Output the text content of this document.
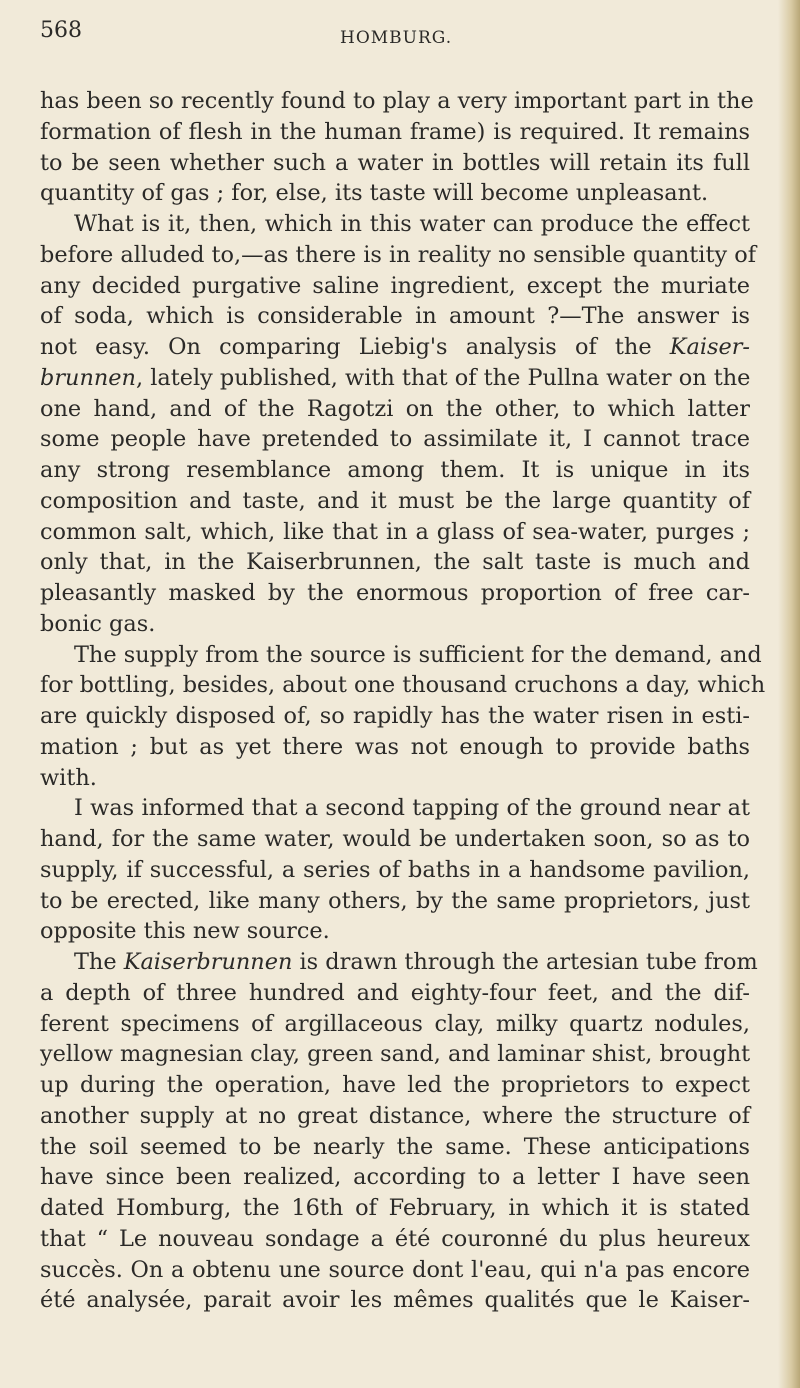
568	HOMBURG.
has been so recently found to play a very important part in the
formation of flesh in the human frame) is required. It remains
to be seen whether such a water in bottles will retain its full
quantity of gas ; for, else, its taste will become unpleasant.
What is it, then, which in this water can produce the effect
before alluded to,—as there is in reality no sensible quantity of
any decided purgative saline ingredient, except the muriate
of soda, which is considerable in amount ?—The answer is
not easy. On comparing Liebig's analysis of the Kaiser-
brunnen, lately published, with that of the Pullna water on the
one hand, and of the Ragotzi on the other, to which latter
some people have pretended to assimilate it, I cannot trace
any strong resemblance among them. It is unique in its
composition and taste, and it must be the large quantity of
common salt, which, like that in a glass of sea-water, purges ;
only that, in the Kaiserbrunnen, the salt taste is much and
pleasantly masked by the enormous proportion of free car-
bonic gas.
The supply from the source is sufficient for the demand, and
for bottling, besides, about one thousand cruchons a day, which
are quickly disposed of, so rapidly has the water risen in esti-
mation ; but as yet there was not enough to provide baths
with.
I was informed that a second tapping of the ground near at
hand, for the same water, would be undertaken soon, so as to
supply, if successful, a series of baths in a handsome pavilion,
to be erected, like many others, by the same proprietors, just
opposite this new source.
The Kaiserbrunnen is drawn through the artesian tube from
a depth of three hundred and eighty-four feet, and the dif-
ferent specimens of argillaceous clay, milky quartz nodules,
yellow magnesian clay, green sand, and laminar shist, brought
up during the operation, have led the proprietors to expect
another supply at no great distance, where the structure of
the soil seemed to be nearly the same. These anticipations
have since been realized, according to a letter I have seen
dated Homburg, the 16th of February, in which it is stated
that “ Le nouveau sondage a été couronné du plus heureux
succès. On a obtenu une source dont l'eau, qui n'a pas encore
été analysée, parait avoir les mêmes qualités que le Kaiser-
